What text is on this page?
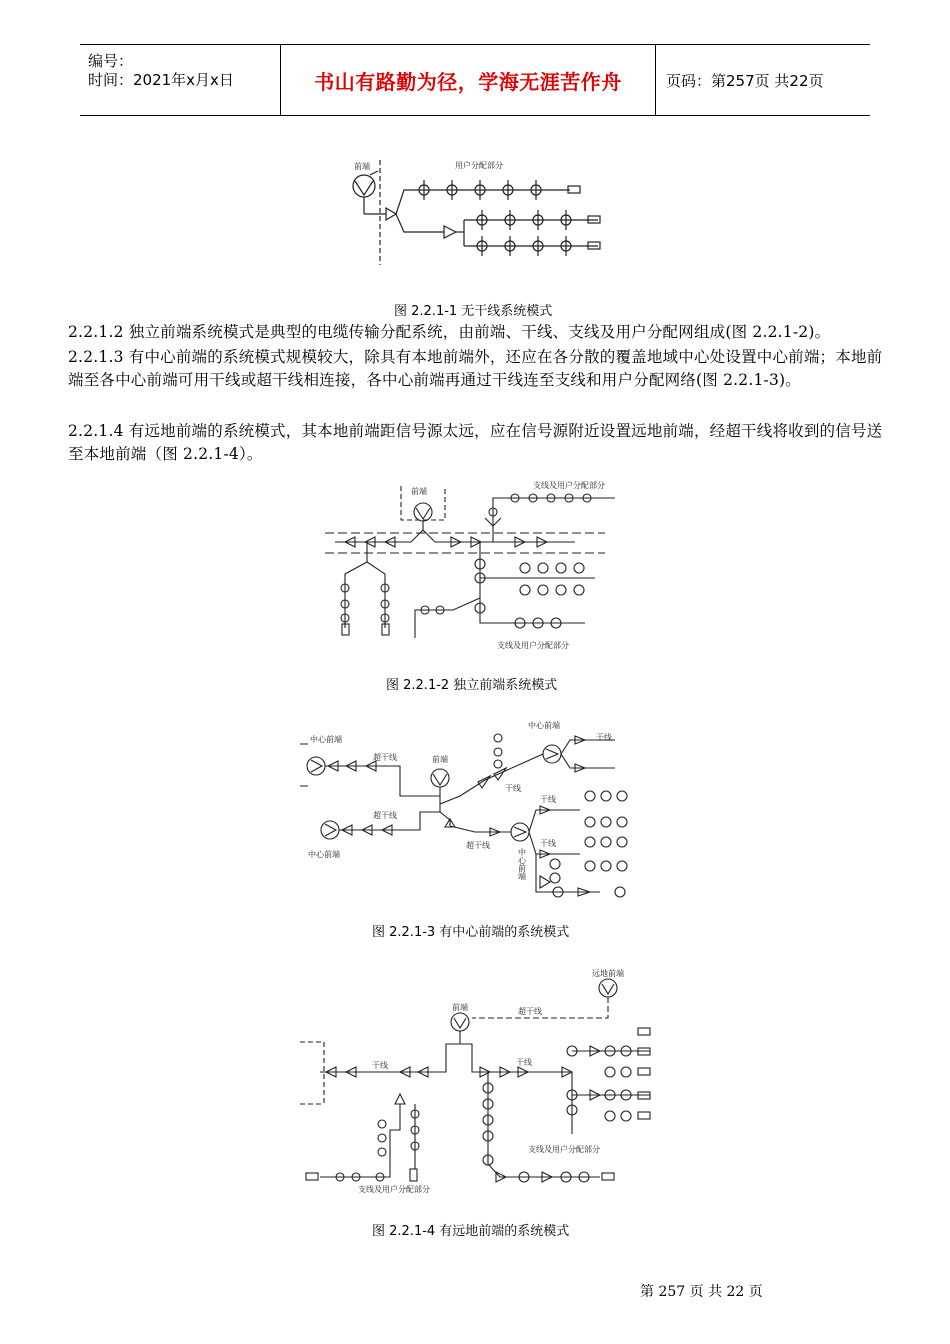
编号：
时间：2021年x月x日	书山有路勤为径，学海无涯苦作舟	页码：第257页 共22页
前端	用户分配部分
图 2.2.1-1 无干线系统模式
2.2.1.2 独立前端系统模式是典型的电缆传输分配系统，由前端、干线、支线及用户分配网组成(图 2.2.1-2)。
2.2.1.3 有中心前端的系统模式规模较大，除具有本地前端外，还应在各分散的覆盖地域中心处设置中心前端；本地前端至各中心前端可用干线或超干线相连接，各中心前端再通过干线连至支线和用户分配网络(图 2.2.1-3)。
2.2.1.4 有远地前端的系统模式，其本地前端距信号源太远，应在信号源附近设置远地前端，经超干线将收到的信号送至本地前端（图 2.2.1-4）。
前端
支线及用户分配部分
支线及用户分配部分
图 2.2.1-2 独立前端系统模式
中心前端
中心前端
前端
超干线
超干线
超干线
干线
干线
干线
干线
中心前端
中心前端
图 2.2.1-3 有中心前端的系统模式
远地前端
前端	超干线
干线	干线
支线及用户分配部分
支线及用户分配部分
图 2.2.1-4 有远地前端的系统模式
第 257 页 共 22 页
